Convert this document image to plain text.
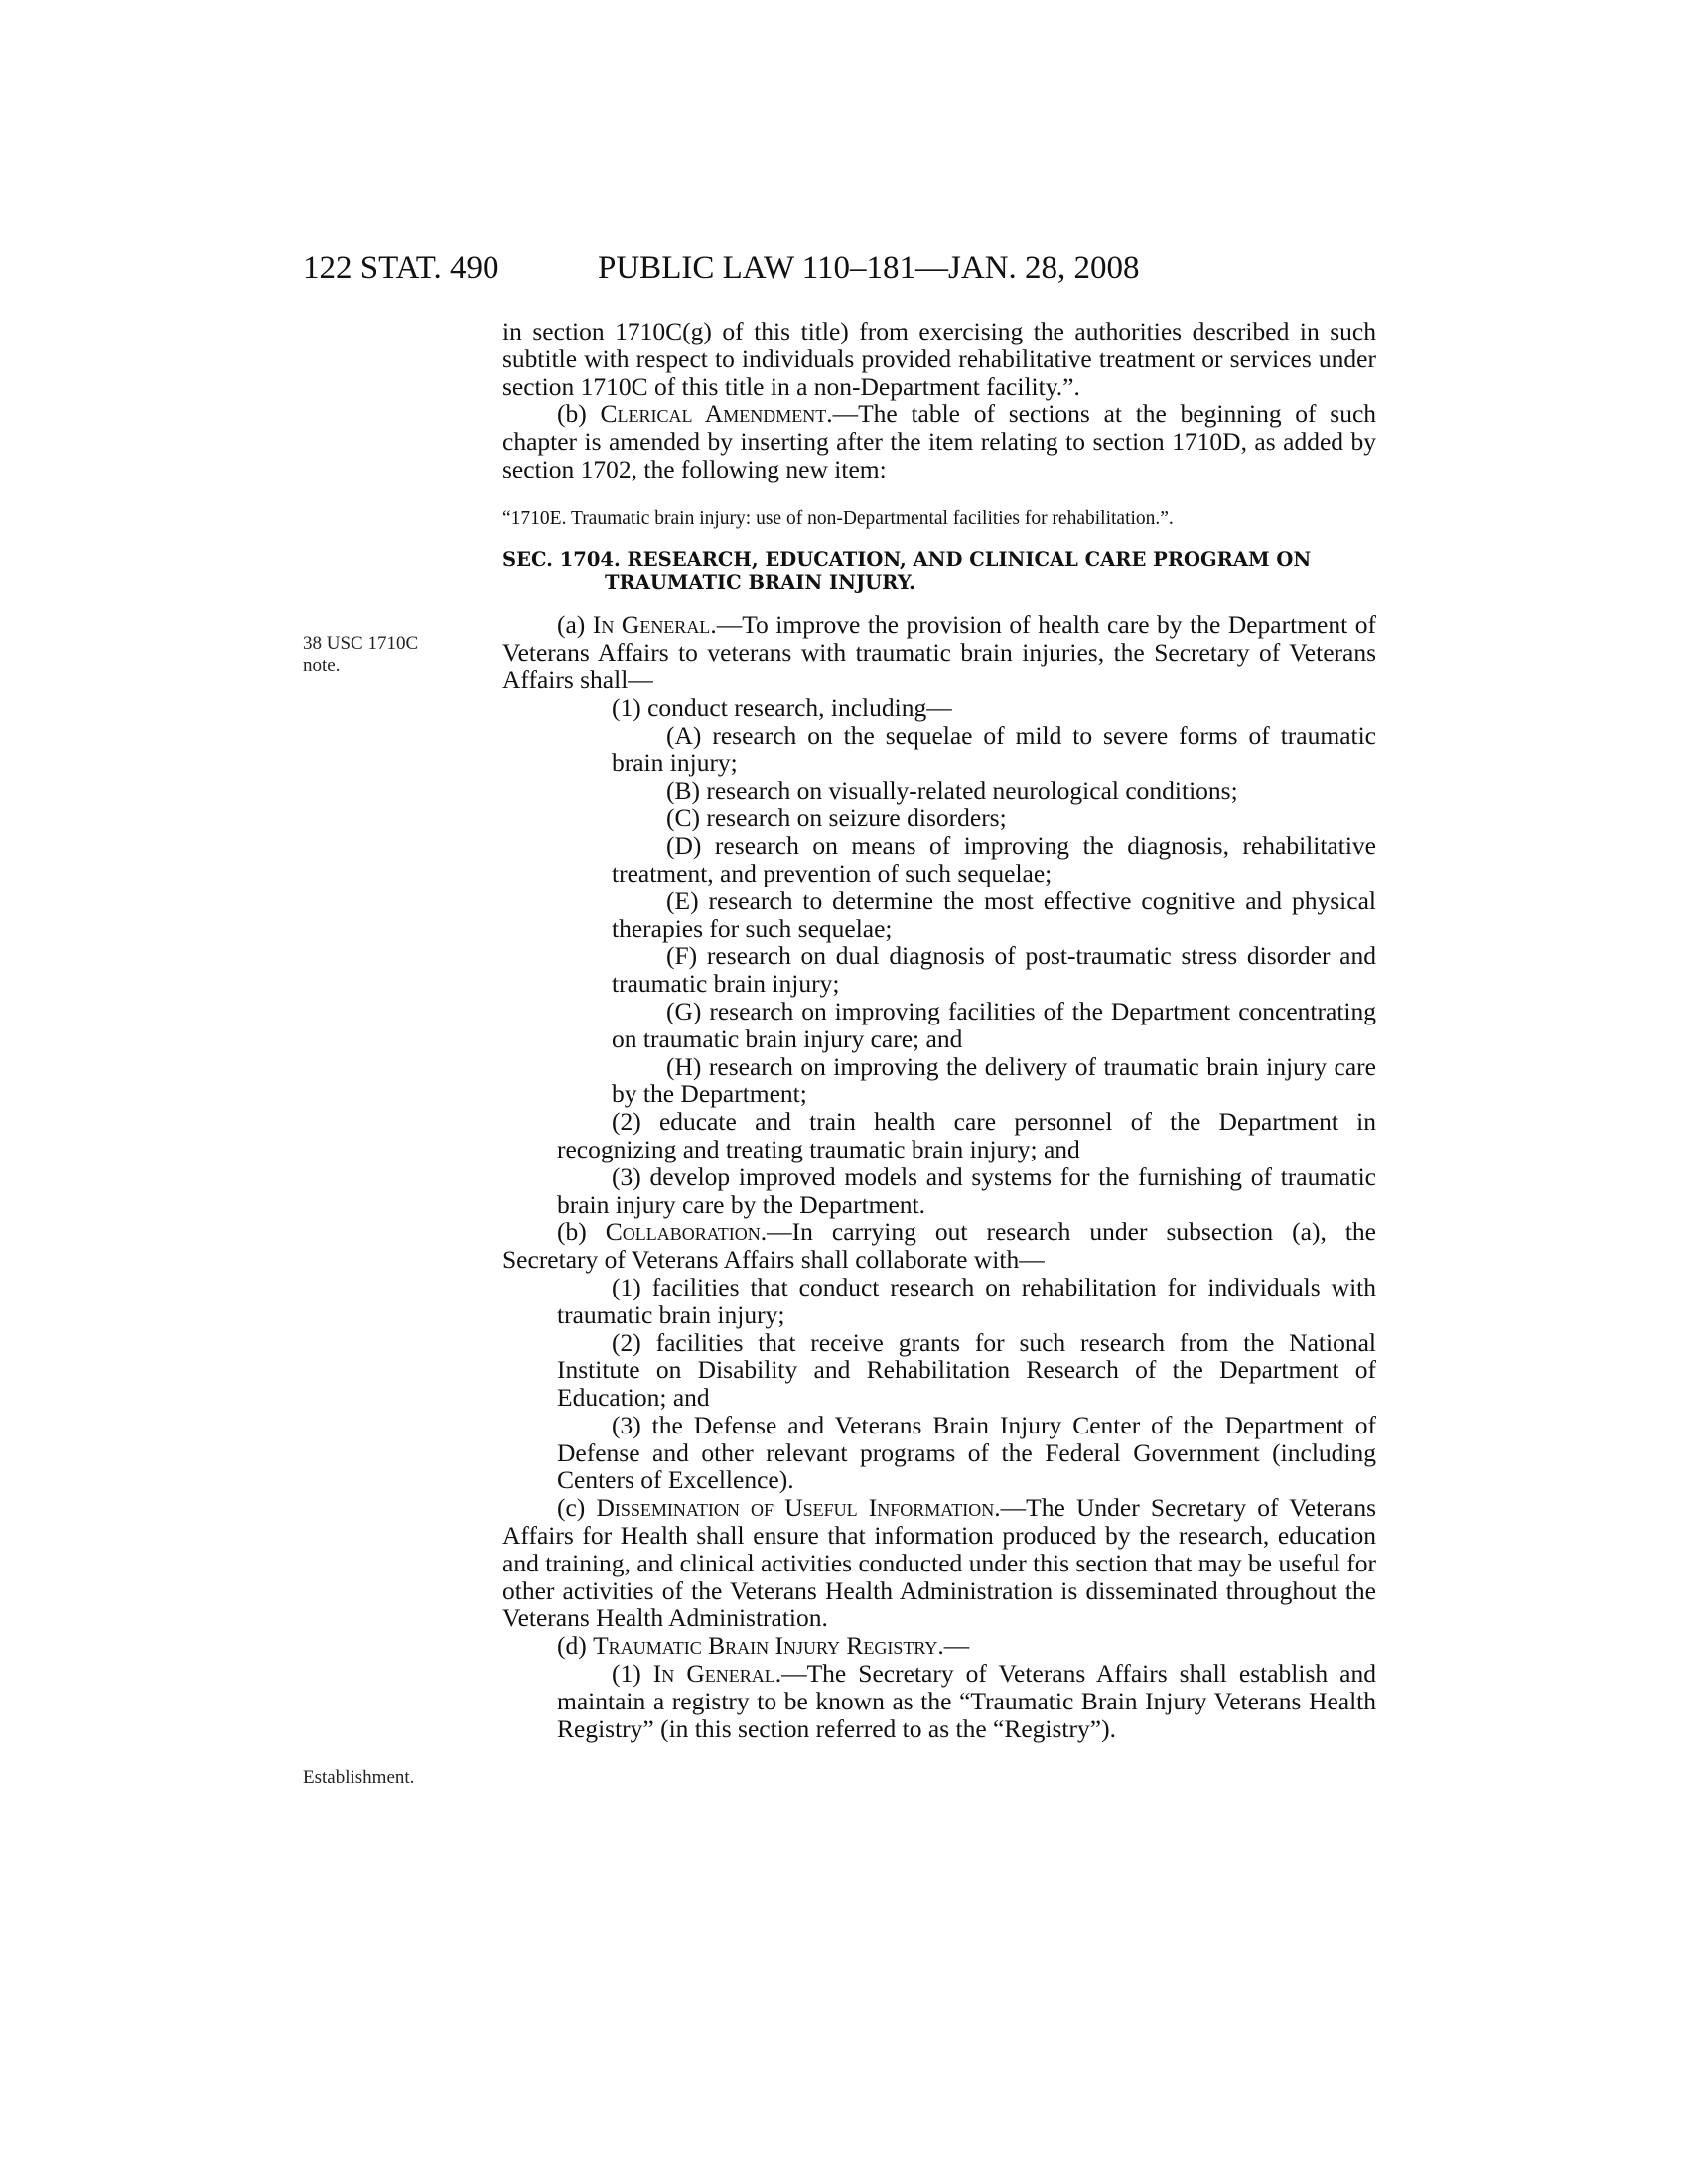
122 STAT. 490	PUBLIC LAW 110–181—JAN. 28, 2008
38 USC 1710C
note.
Establishment.

in section 1710C(g) of this title) from exercising the authorities described in such subtitle with respect to individuals provided rehabilitative treatment or services under section 1710C of this title in a non-Department facility.”.

(b) Clerical Amendment.—The table of sections at the beginning of such chapter is amended by inserting after the item relating to section 1710D, as added by section 1702, the following new item:

“1710E. Traumatic brain injury: use of non-Departmental facilities for rehabilitation.”.

SEC. 1704. RESEARCH, EDUCATION, AND CLINICAL CARE PROGRAM ON TRAUMATIC BRAIN INJURY.

(a) In General.—To improve the provision of health care by the Department of Veterans Affairs to veterans with traumatic brain injuries, the Secretary of Veterans Affairs shall—

(1) conduct research, including—

(A) research on the sequelae of mild to severe forms of traumatic brain injury;

(B) research on visually-related neurological conditions;

(C) research on seizure disorders;

(D) research on means of improving the diagnosis, rehabilitative treatment, and prevention of such sequelae;

(E) research to determine the most effective cognitive and physical therapies for such sequelae;

(F) research on dual diagnosis of post-traumatic stress disorder and traumatic brain injury;

(G) research on improving facilities of the Department concentrating on traumatic brain injury care; and

(H) research on improving the delivery of traumatic brain injury care by the Department;

(2) educate and train health care personnel of the Department in recognizing and treating traumatic brain injury; and

(3) develop improved models and systems for the furnishing of traumatic brain injury care by the Department.

(b) Collaboration.—In carrying out research under subsection (a), the Secretary of Veterans Affairs shall collaborate with—

(1) facilities that conduct research on rehabilitation for individuals with traumatic brain injury;

(2) facilities that receive grants for such research from the National Institute on Disability and Rehabilitation Research of the Department of Education; and

(3) the Defense and Veterans Brain Injury Center of the Department of Defense and other relevant programs of the Federal Government (including Centers of Excellence).

(c) Dissemination of Useful Information.—The Under Secretary of Veterans Affairs for Health shall ensure that information produced by the research, education and training, and clinical activities conducted under this section that may be useful for other activities of the Veterans Health Administration is disseminated throughout the Veterans Health Administration.

(d) Traumatic Brain Injury Registry.—

(1) In General.—The Secretary of Veterans Affairs shall establish and maintain a registry to be known as the “Traumatic Brain Injury Veterans Health Registry” (in this section referred to as the “Registry”).
